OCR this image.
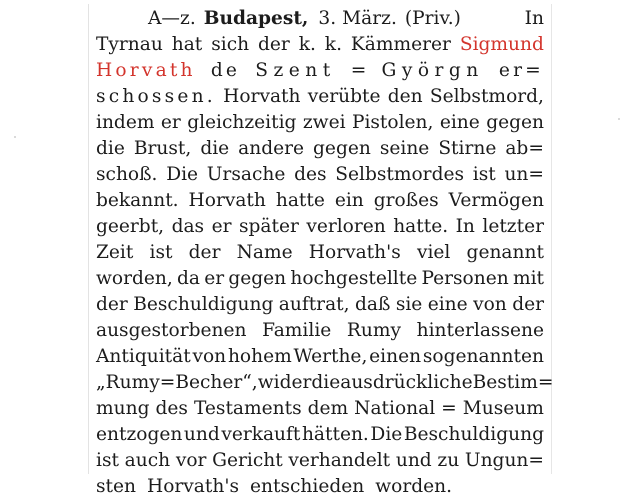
A—z. Budapest, 3. März. (Priv.)	In
Tyrnau hat sich der k. k. Kämmerer Sigmund
Horvath de Szent = Györgn er=
schossen. Horvath verübte den Selbstmord,
indem er gleichzeitig zwei Pistolen, eine gegen
die Brust, die andere gegen seine Stirne ab=
schoß. Die Ursache des Selbstmordes ist un=
bekannt. Horvath hatte ein großes Vermögen
geerbt, das er später verloren hatte. In letzter
Zeit ist der Name Horvath's viel genannt
worden, da er gegen hochgestellte Personen mit
der Beschuldigung auftrat, daß sie eine von der
ausgestorbenen Familie Rumy hinterlassene
Antiquität von hohem Werthe, einen sogenannten
„Rumy=Becher“, wider die ausdrückliche Bestim=
mung des Testaments dem National = Museum
entzogen und verkauft hätten. Die Beschuldigung
ist auch vor Gericht verhandelt und zu Ungun=
sten Horvath's entschieden worden.
